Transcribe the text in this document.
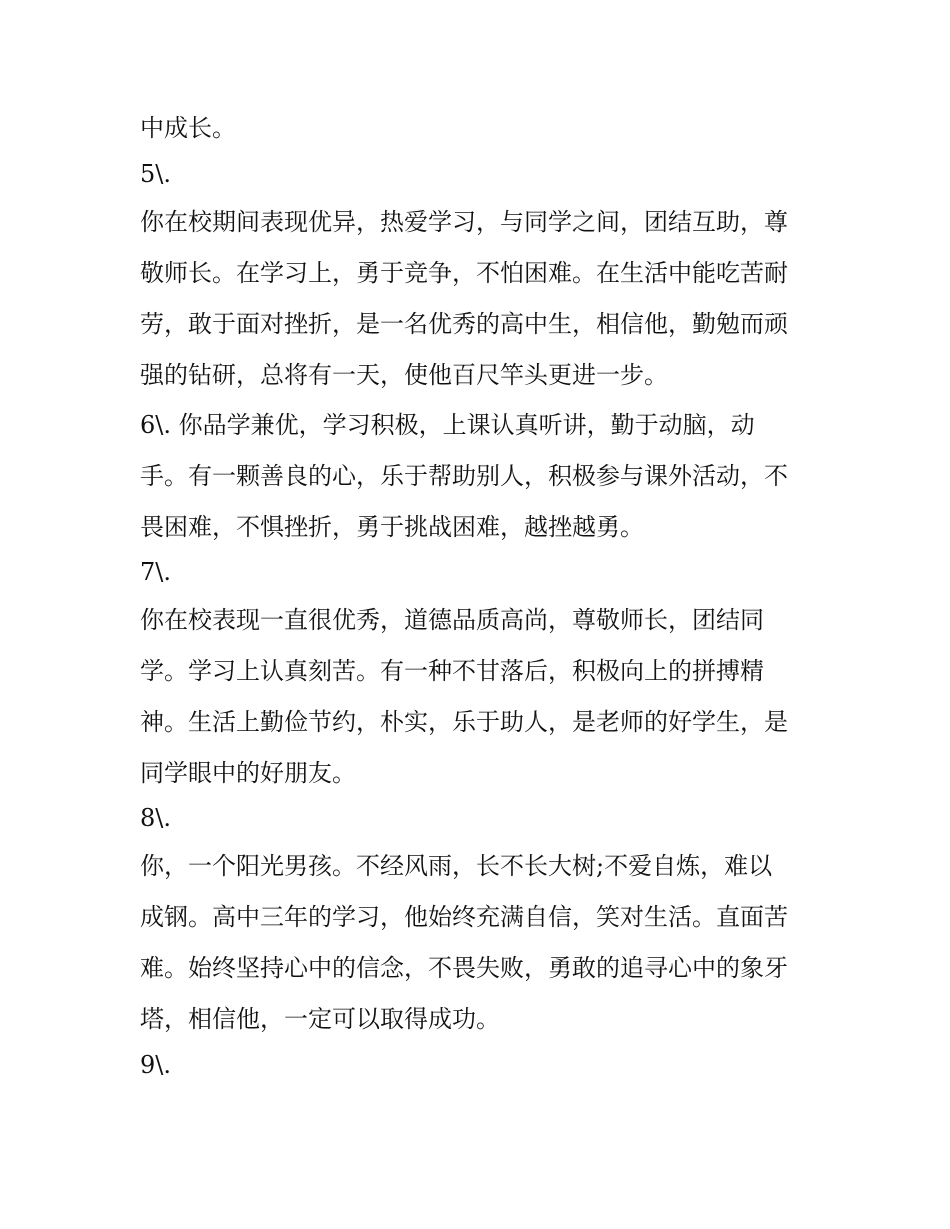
中成长。
5\.
你在校期间表现优异，热爱学习，与同学之间，团结互助，尊
敬师长。在学习上，勇于竞争，不怕困难。在生活中能吃苦耐
劳，敢于面对挫折，是一名优秀的高中生，相信他，勤勉而顽
强的钻研，总将有一天，使他百尺竿头更进一步。
6\. 你品学兼优，学习积极，上课认真听讲，勤于动脑，动
手。有一颗善良的心，乐于帮助别人，积极参与课外活动，不
畏困难，不惧挫折，勇于挑战困难，越挫越勇。
7\.
你在校表现一直很优秀，道德品质高尚，尊敬师长，团结同
学。学习上认真刻苦。有一种不甘落后，积极向上的拼搏精
神。生活上勤俭节约，朴实，乐于助人，是老师的好学生，是
同学眼中的好朋友。
8\.
你，一个阳光男孩。不经风雨，长不长大树;不爱自炼，难以
成钢。高中三年的学习，他始终充满自信，笑对生活。直面苦
难。始终坚持心中的信念，不畏失败，勇敢的追寻心中的象牙
塔，相信他，一定可以取得成功。
9\.
